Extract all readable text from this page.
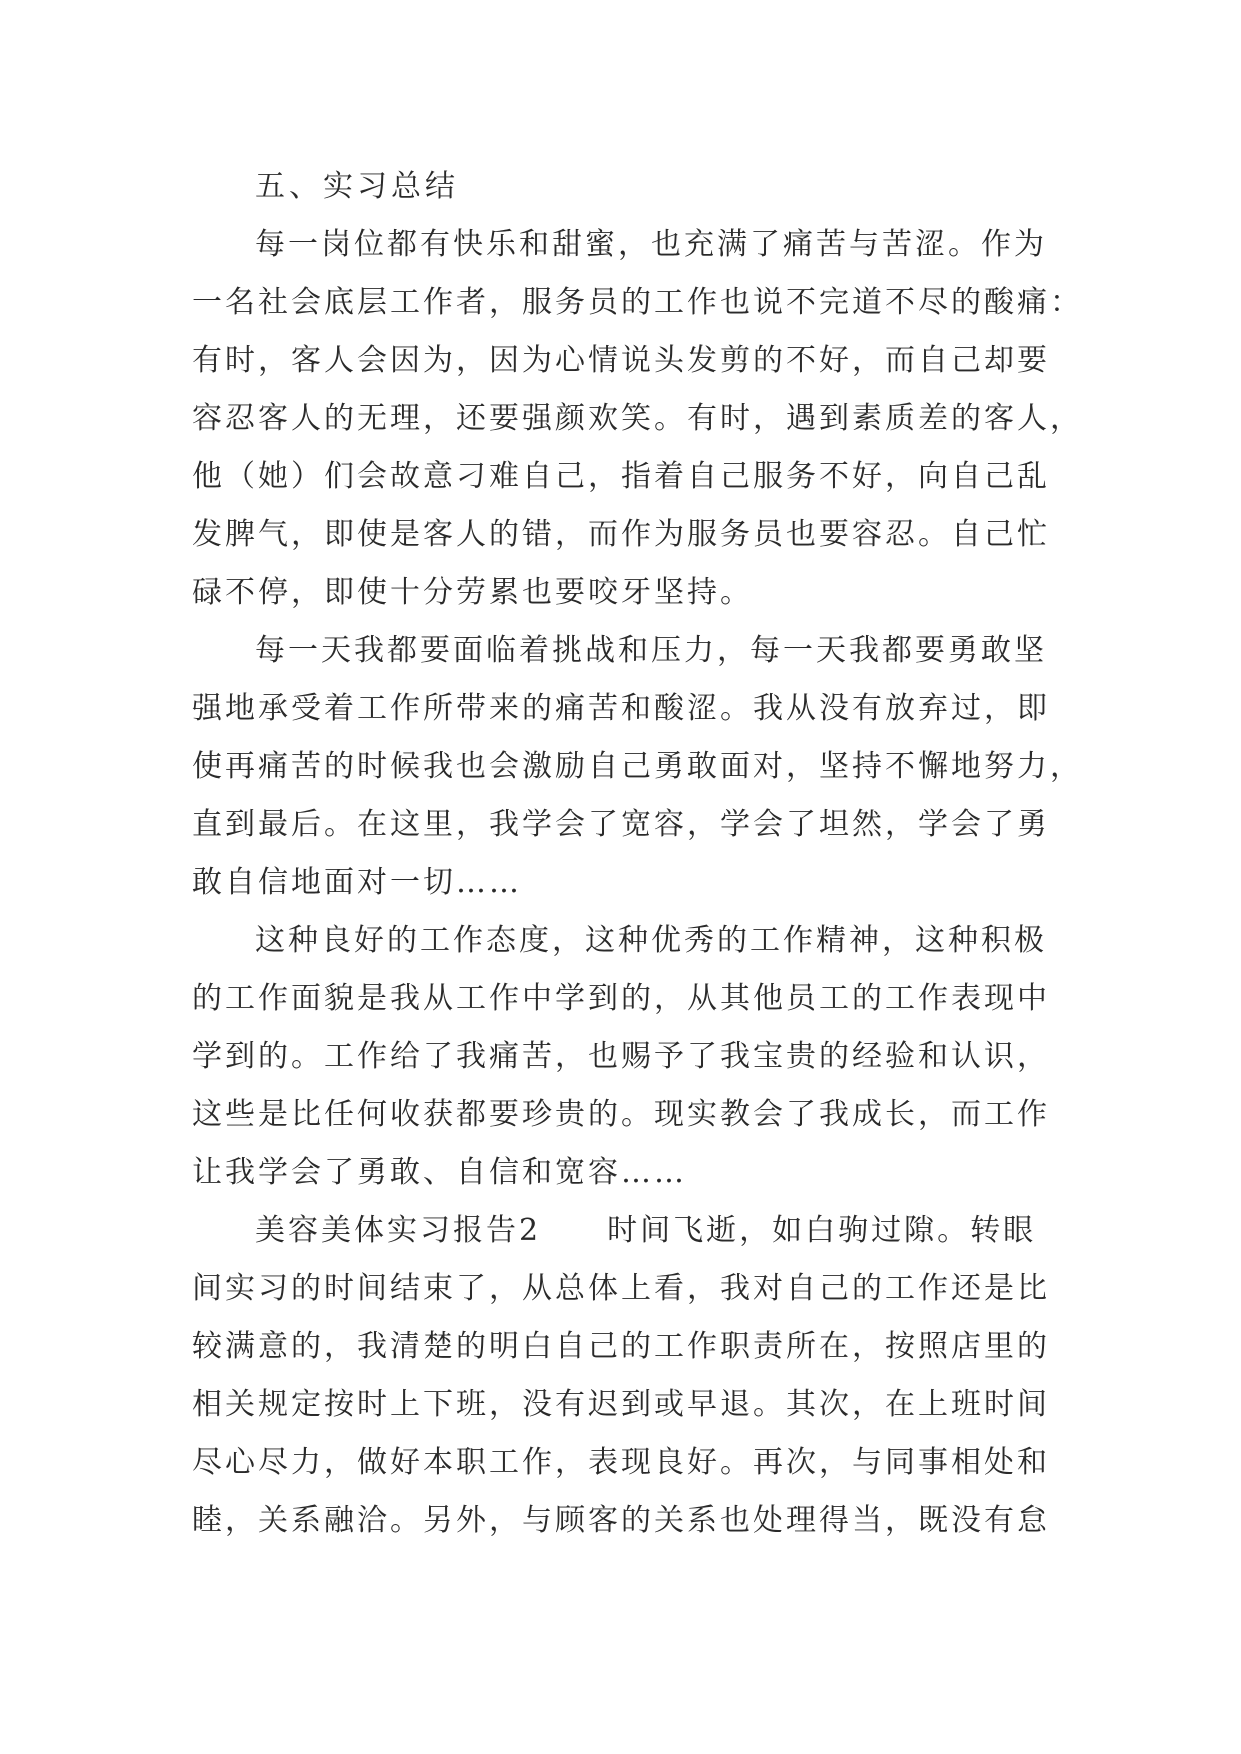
五、实习总结
每一岗位都有快乐和甜蜜，也充满了痛苦与苦涩。作为
一名社会底层工作者，服务员的工作也说不完道不尽的酸痛：
有时，客人会因为，因为心情说头发剪的不好，而自己却要
容忍客人的无理，还要强颜欢笑。有时，遇到素质差的客人，
他（她）们会故意刁难自己，指着自己服务不好，向自己乱
发脾气，即使是客人的错，而作为服务员也要容忍。自己忙
碌不停，即使十分劳累也要咬牙坚持。
每一天我都要面临着挑战和压力，每一天我都要勇敢坚
强地承受着工作所带来的痛苦和酸涩。我从没有放弃过，即
使再痛苦的时候我也会激励自己勇敢面对，坚持不懈地努力，
直到最后。在这里，我学会了宽容，学会了坦然，学会了勇
敢自信地面对一切……
这种良好的工作态度，这种优秀的工作精神，这种积极
的工作面貌是我从工作中学到的，从其他员工的工作表现中
学到的。工作给了我痛苦，也赐予了我宝贵的经验和认识，
这些是比任何收获都要珍贵的。现实教会了我成长，而工作
让我学会了勇敢、自信和宽容……
美容美体实习报告2　　时间飞逝，如白驹过隙。转眼
间实习的时间结束了，从总体上看，我对自己的工作还是比
较满意的，我清楚的明白自己的工作职责所在，按照店里的
相关规定按时上下班，没有迟到或早退。其次，在上班时间
尽心尽力，做好本职工作，表现良好。再次，与同事相处和
睦，关系融洽。另外，与顾客的关系也处理得当，既没有怠
